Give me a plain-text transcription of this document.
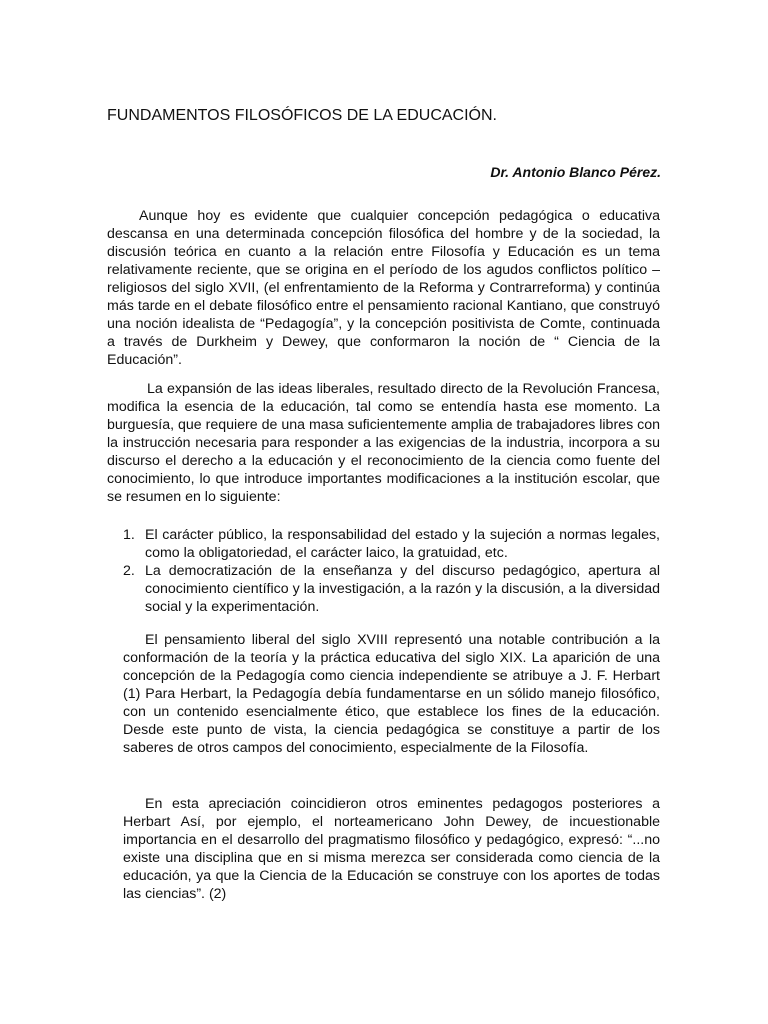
FUNDAMENTOS FILOSÓFICOS DE LA EDUCACIÓN.
Dr. Antonio Blanco Pérez.

Aunque hoy es evidente que cualquier concepción pedagógica o educativa descansa en una determinada concepción filosófica del hombre y de la sociedad, la discusión teórica en cuanto a la relación entre Filosofía y Educación es un tema relativamente reciente, que se origina en el período de los agudos conflictos político – religiosos del siglo XVII, (el enfrentamiento de la Reforma y Contrarreforma) y continúa más tarde en el debate filosófico entre el pensamiento racional Kantiano, que construyó una noción idealista de “Pedagogía”, y la concepción positivista de Comte, continuada a través de Durkheim y Dewey, que conformaron la noción de “ Ciencia de la Educación”.

La expansión de las ideas liberales, resultado directo de la Revolución Francesa, modifica la esencia de la educación, tal como se entendía hasta ese momento. La burguesía, que requiere de una masa suficientemente amplia de trabajadores libres con la instrucción necesaria para responder a las exigencias de la industria, incorpora a su discurso el derecho a la educación y el reconocimiento de la ciencia como fuente del conocimiento, lo que introduce importantes modificaciones a la institución escolar, que se resumen en lo siguiente:

1. El carácter público, la responsabilidad del estado y la sujeción a normas legales, como la obligatoriedad, el carácter laico, la gratuidad, etc.
2. La democratización de la enseñanza y del discurso pedagógico, apertura al conocimiento científico y la investigación, a la razón y la discusión, a la diversidad social y la experimentación.

El pensamiento liberal del siglo XVIII representó una notable contribución a la conformación de la teoría y la práctica educativa del siglo XIX. La aparición de una concepción de la Pedagogía como ciencia independiente se atribuye a J. F. Herbart (1) Para Herbart, la Pedagogía debía fundamentarse en un sólido manejo filosófico, con un contenido esencialmente ético, que establece los fines de la educación. Desde este punto de vista, la ciencia pedagógica se constituye a partir de los saberes de otros campos del conocimiento, especialmente de la Filosofía.

En esta apreciación coincidieron otros eminentes pedagogos posteriores a Herbart Así, por ejemplo, el norteamericano John Dewey, de incuestionable importancia en el desarrollo del pragmatismo filosófico y pedagógico, expresó: “...no existe una disciplina que en si misma merezca ser considerada como ciencia de la educación, ya que la Ciencia de la Educación se construye con los aportes de todas las ciencias”. (2)
